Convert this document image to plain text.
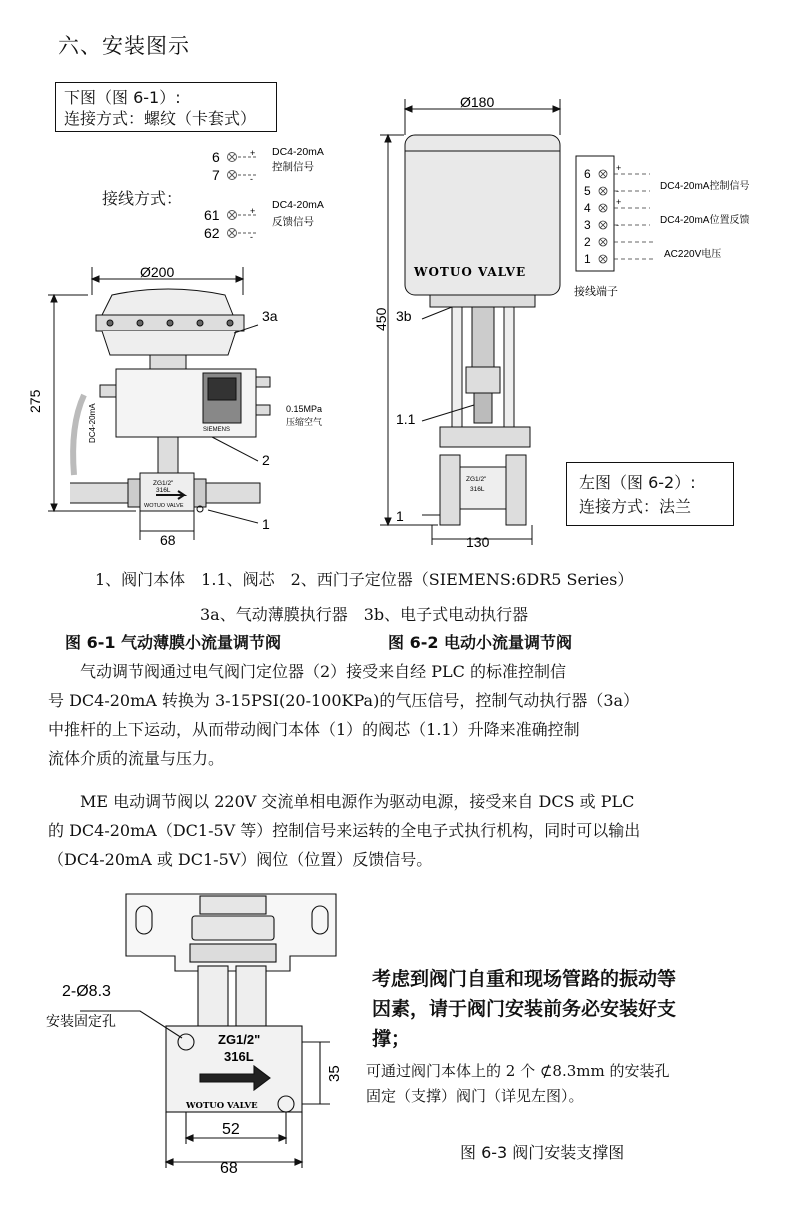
六、安装图示
下图（图 6-1）:
连接方式：螺纹（卡套式）
接线方式：
6
7
61
62
+
-
+
-
DC4-20mA
控制信号
DC4-20mA
反馈信号
Ø200
275
68
3a
2
1
0.15MPa
压缩空气
DC4-20mA	SIEMENS
ZG1/2"
316L
WOTUO VALVE
Ø180
450
130
WOTUO VALVE
3b
1.1
1
ZG1/2"
316L
6
5
4
3
2
1
+
-
+
-
DC4-20mA控制信号
DC4-20mA位置反馈
AC220V电压
接线端子
左图（图 6-2）:
连接方式：法兰
1、阀门本体　1.1、阀芯　2、西门子定位器（SIEMENS:6DR5 Series）
3a、气动薄膜执行器　3b、电子式电动执行器
图 6-1 气动薄膜小流量调节阀	图 6-2 电动小流量调节阀
　　气动调节阀通过电气阀门定位器（2）接受来自经 PLC 的标准控制信
号 DC4-20mA 转换为 3-15PSI(20-100KPa)的气压信号，控制气动执行器（3a）
中推杆的上下运动，从而带动阀门本体（1）的阀芯（1.1）升降来准确控制
流体介质的流量与压力。
　　ME 电动调节阀以 220V 交流单相电源作为驱动电源，接受来自 DCS 或 PLC
的 DC4-20mA（DC1-5V 等）控制信号来运转的全电子式执行机构，同时可以输出
（DC4-20mA 或 DC1-5V）阀位（位置）反馈信号。
2-Ø8.3
安装固定孔
35
52
68
ZG1/2"
316L
WOTUO VALVE
考虑到阀门自重和现场管路的振动等
因素，请于阀门安装前务必安装好支
撑；
可通过阀门本体上的 2 个 ⊄8.3mm 的安装孔
固定（支撑）阀门（详见左图）。
图 6-3 阀门安装支撑图
